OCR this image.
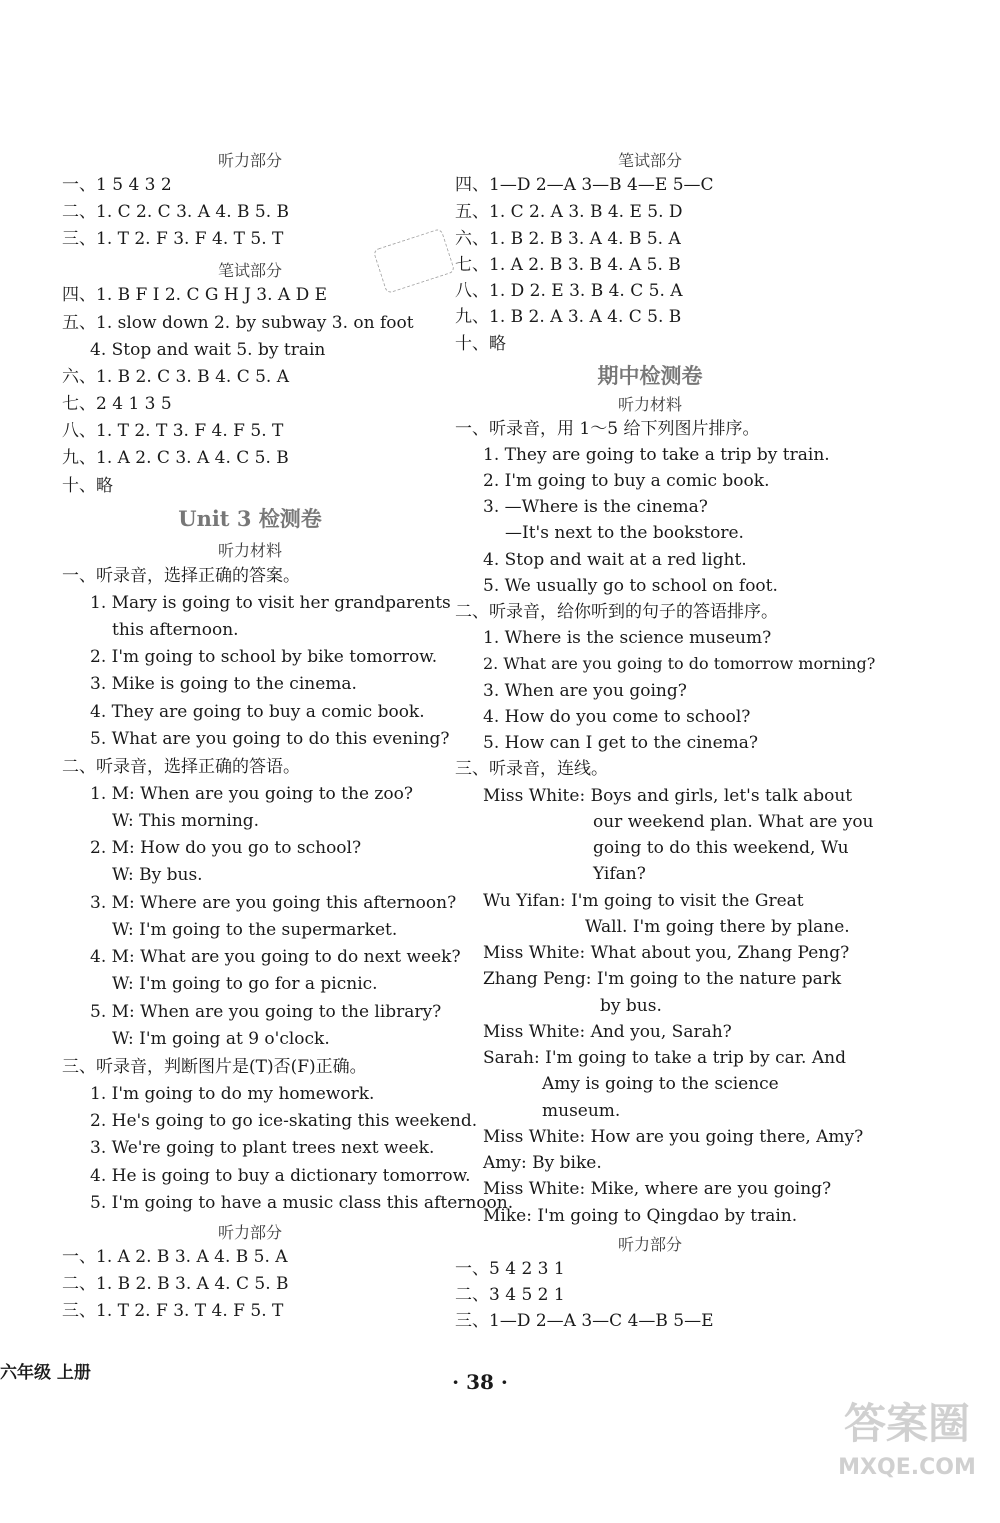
听力部分
一、1 5 4 3 2
二、1. C 2. C 3. A 4. B 5. B
三、1. T 2. F 3. F 4. T 5. T
笔试部分
四、1. B F I 2. C G H J 3. A D E
五、1. slow down 2. by subway 3. on foot
4. Stop and wait 5. by train
六、1. B 2. C 3. B 4. C 5. A
七、2 4 1 3 5
八、1. T 2. T 3. F 4. F 5. T
九、1. A 2. C 3. A 4. C 5. B
十、略
Unit 3 检测卷
听力材料
一、听录音，选择正确的答案。
1. Mary is going to visit her grandparents
this afternoon.
2. I'm going to school by bike tomorrow.
3. Mike is going to the cinema.
4. They are going to buy a comic book.
5. What are you going to do this evening?
二、听录音，选择正确的答语。
1. M: When are you going to the zoo?
W: This morning.
2. M: How do you go to school?
W: By bus.
3. M: Where are you going this afternoon?
W: I'm going to the supermarket.
4. M: What are you going to do next week?
W: I'm going to go for a picnic.
5. M: When are you going to the library?
W: I'm going at 9 o'clock.
三、听录音，判断图片是(T)否(F)正确。
1. I'm going to do my homework.
2. He's going to go ice-skating this weekend.
3. We're going to plant trees next week.
4. He is going to buy a dictionary tomorrow.
5. I'm going to have a music class this afternoon.
听力部分
一、1. A 2. B 3. A 4. B 5. A
二、1. B 2. B 3. A 4. C 5. B
三、1. T 2. F 3. T 4. F 5. T
笔试部分
四、1—D 2—A 3—B 4—E 5—C
五、1. C 2. A 3. B 4. E 5. D
六、1. B 2. B 3. A 4. B 5. A
七、1. A 2. B 3. B 4. A 5. B
八、1. D 2. E 3. B 4. C 5. A
九、1. B 2. A 3. A 4. C 5. B
十、略
期中检测卷
听力材料
一、听录音，用 1～5 给下列图片排序。
1. They are going to take a trip by train.
2. I'm going to buy a comic book.
3. —Where is the cinema?
—It's next to the bookstore.
4. Stop and wait at a red light.
5. We usually go to school on foot.
二、听录音，给你听到的句子的答语排序。
1. Where is the science museum?
2. What are you going to do tomorrow morning?
3. When are you going?
4. How do you come to school?
5. How can I get to the cinema?
三、听录音，连线。
Miss White: Boys and girls, let's talk about
our weekend plan. What are you
going to do this weekend, Wu
Yifan?
Wu Yifan: I'm going to visit the Great
Wall. I'm going there by plane.
Miss White: What about you, Zhang Peng?
Zhang Peng: I'm going to the nature park
by bus.
Miss White: And you, Sarah?
Sarah: I'm going to take a trip by car. And
Amy is going to the science
museum.
Miss White: How are you going there, Amy?
Amy: By bike.
Miss White: Mike, where are you going?
Mike: I'm going to Qingdao by train.
听力部分
一、5 4 2 3 1
二、3 4 5 2 1
三、1—D 2—A 3—C 4—B 5—E
六年级 上册	· 38 ·
答案圈
MXQE.COM
